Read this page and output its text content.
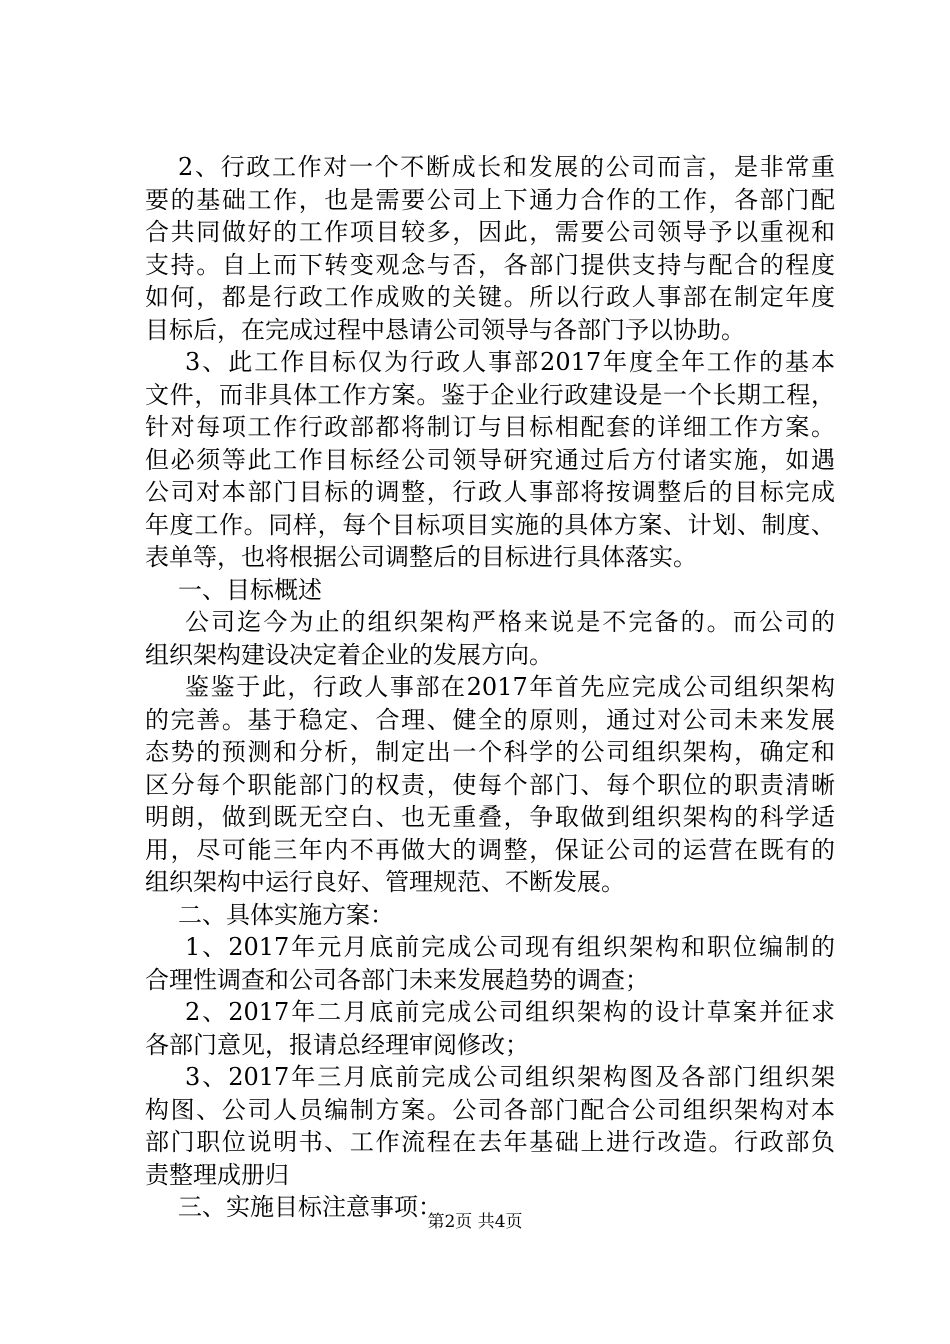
2、行政工作对一个不断成长和发展的公司而言，是非常重
要的基础工作，也是需要公司上下通力合作的工作，各部门配
合共同做好的工作项目较多，因此，需要公司领导予以重视和
支持。自上而下转变观念与否，各部门提供支持与配合的程度
如何，都是行政工作成败的关键。所以行政人事部在制定年度
目标后，在完成过程中恳请公司领导与各部门予以协助。
3、此工作目标仅为行政人事部2017年度全年工作的基本
文件，而非具体工作方案。鉴于企业行政建设是一个长期工程，
针对每项工作行政部都将制订与目标相配套的详细工作方案。
但必须等此工作目标经公司领导研究通过后方付诸实施，如遇
公司对本部门目标的调整，行政人事部将按调整后的目标完成
年度工作。同样，每个目标项目实施的具体方案、计划、制度、
表单等，也将根据公司调整后的目标进行具体落实。
一、目标概述
公司迄今为止的组织架构严格来说是不完备的。而公司的
组织架构建设决定着企业的发展方向。
鉴鉴于此，行政人事部在2017年首先应完成公司组织架构
的完善。基于稳定、合理、健全的原则，通过对公司未来发展
态势的预测和分析，制定出一个科学的公司组织架构，确定和
区分每个职能部门的权责，使每个部门、每个职位的职责清晰
明朗，做到既无空白、也无重叠，争取做到组织架构的科学适
用，尽可能三年内不再做大的调整，保证公司的运营在既有的
组织架构中运行良好、管理规范、不断发展。
二、具体实施方案：
1、2017年元月底前完成公司现有组织架构和职位编制的
合理性调查和公司各部门未来发展趋势的调查；
2、2017年二月底前完成公司组织架构的设计草案并征求
各部门意见，报请总经理审阅修改；
3、2017年三月底前完成公司组织架构图及各部门组织架
构图、公司人员编制方案。公司各部门配合公司组织架构对本
部门职位说明书、工作流程在去年基础上进行改造。行政部负
责整理成册归
三、实施目标注意事项：
第2页 共4页
